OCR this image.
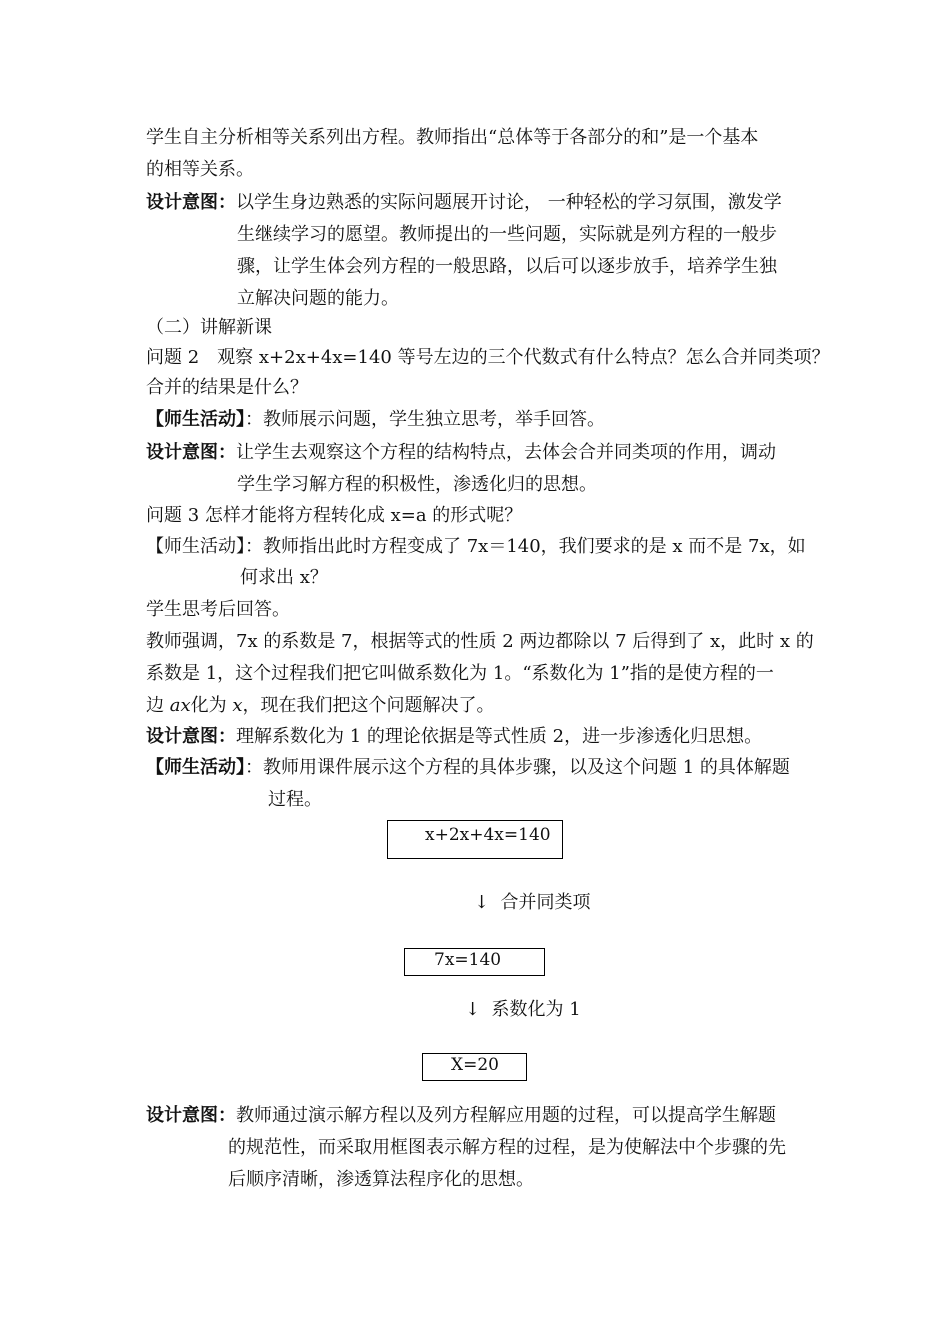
学生自主分析相等关系列出方程。教师指出“总体等于各部分的和”是一个基本
的相等关系。
设计意图：以学生身边熟悉的实际问题展开讨论， 一种轻松的学习氛围，激发学
生继续学习的愿望。教师提出的一些问题，实际就是列方程的一般步
骤，让学生体会列方程的一般思路，以后可以逐步放手，培养学生独
立解决问题的能力。
（二）讲解新课
问题 2　观察 x+2x+4x=140 等号左边的三个代数式有什么特点？怎么合并同类项？
合并的结果是什么？
【师生活动】：教师展示问题，学生独立思考，举手回答。
设计意图：让学生去观察这个方程的结构特点，去体会合并同类项的作用，调动
学生学习解方程的积极性，渗透化归的思想。
问题 3 怎样才能将方程转化成 x=a 的形式呢？
【师生活动】：教师指出此时方程变成了 7x＝140，我们要求的是 x 而不是 7x，如
何求出 x？
学生思考后回答。
教师强调，7x 的系数是 7，根据等式的性质 2 两边都除以 7 后得到了 x，此时 x 的
系数是 1，这个过程我们把它叫做系数化为 1。“系数化为 1”指的是使方程的一
边 ax化为 x，现在我们把这个问题解决了。
设计意图：理解系数化为 1 的理论依据是等式性质 2，进一步渗透化归思想。
【师生活动】：教师用课件展示这个方程的具体步骤，以及这个问题 1 的具体解题
过程。
x+2x+4x=140
↓ 合并同类项
7x=140
↓ 系数化为 1
X=20
设计意图：教师通过演示解方程以及列方程解应用题的过程，可以提高学生解题
的规范性，而采取用框图表示解方程的过程，是为使解法中个步骤的先
后顺序清晰，渗透算法程序化的思想。
